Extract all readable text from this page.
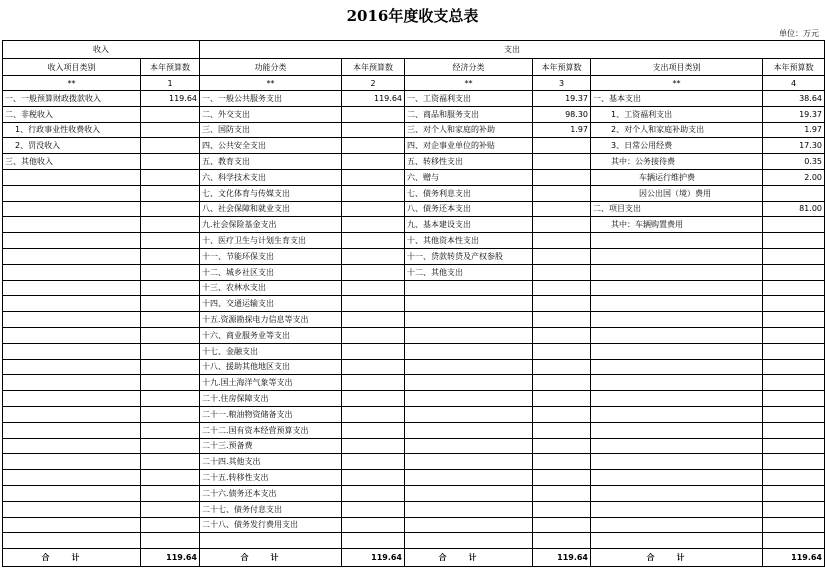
2016年度收支总表
单位：万元
收入		支出					
收入项目类别	本年预算数	功能分类	本年预算数	经济分类	本年预算数	支出项目类别	本年预算数
**	1	**	2	**	3	**	4
一、一般预算财政拨款收入	119.64	一、一般公共服务支出	119.64	一、工资福利支出	19.37	一、基本支出	38.64
二、非税收入		二、外交支出		二、商品和服务支出	98.30	1、工资福利支出	19.37
1、行政事业性收费收入		三、国防支出		三、对个人和家庭的补助	1.97	2、对个人和家庭补助支出	1.97
2、罚没收入		四、公共安全支出		四、对企事业单位的补贴		3、日常公用经费	17.30
三、其他收入		五、教育支出		五、转移性支出		其中：公务接待费	0.35
		六、科学技术支出		六、赠与		车辆运行维护费	2.00
		七、文化体育与传媒支出		七、债务利息支出		因公出国（境）费用	
		八、社会保障和就业支出		八、债务还本支出		二、项目支出	81.00
		九.社会保险基金支出		九、基本建设支出		其中：车辆购置费用	
		十、医疗卫生与计划生育支出		十、其他资本性支出			
		十一、节能环保支出		十一、贷款转贷及产权参股			
		十二、城乡社区支出		十二、其他支出			
		十三、农林水支出					
		十四、交通运输支出					
		十五.资源勘探电力信息等支出					
		十六、商业服务业等支出					
		十七、金融支出					
		十八、援助其他地区支出					
		十九.国土海洋气象等支出					
		二十.住房保障支出					
		二十一.粮油物资储备支出					
		二十二.国有资本经营预算支出					
		二十三.预备费					
		二十四.其他支出					
		二十五.转移性支出					
		二十六.债务还本支出					
		二十七、债务付息支出					
		二十八、债务发行费用支出					

合计	119.64	合计	119.64	合计	119.64	合计	119.64
